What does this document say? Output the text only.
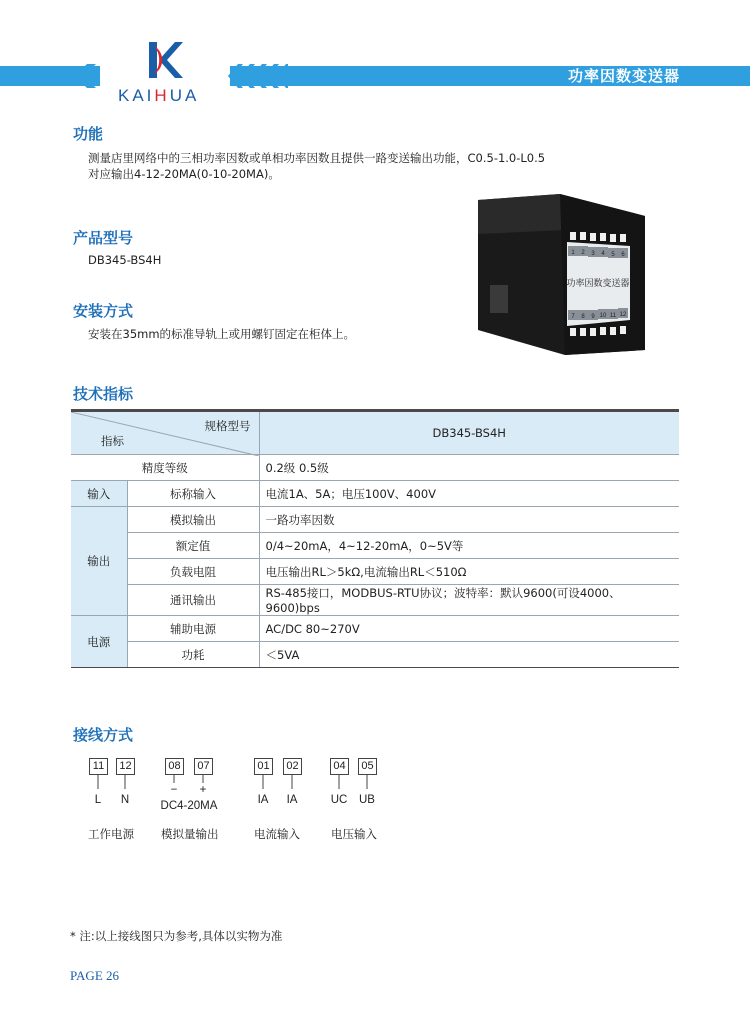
功率因数变送器
KAIHUA
功能
测量店里网络中的三相功率因数或单相功率因数且提供一路变送输出功能，C0.5-1.0-L0.5
对应输出4-12-20MA(0-10-20MA)。
产品型号
DB345-BS4H
安装方式
安装在35mm的标准导轨上或用螺钉固定在柜体上。
1 2 3 4 5 6
7 8 9 10 11 12
功率因数变送器
技术指标
规格型号
指标		DB345-BS4H
精度等级		0.2级 0.5级
输入	标称输入	电流1A、5A；电压100V、400V
输出	模拟输出	一路功率因数
	额定值	0/4~20mA，4~12-20mA，0~5V等
	负载电阻	电压输出RL＞5kΩ,电流输出RL＜510Ω
	通讯输出	RS-485接口，MODBUS-RTU协议；波特率：默认9600(可设4000、9600)bps
电源	辅助电源	AC/DC 80~270V
	功耗	＜5VA
接线方式
11	12	08	07	01	02	04	05
L	N
−	+
DC4-20MA	IA	IA	UC	UB
工作电源 模拟量输出	电流输入	电压输入
* 注:以上接线图只为参考,具体以实物为准
PAGE 26
